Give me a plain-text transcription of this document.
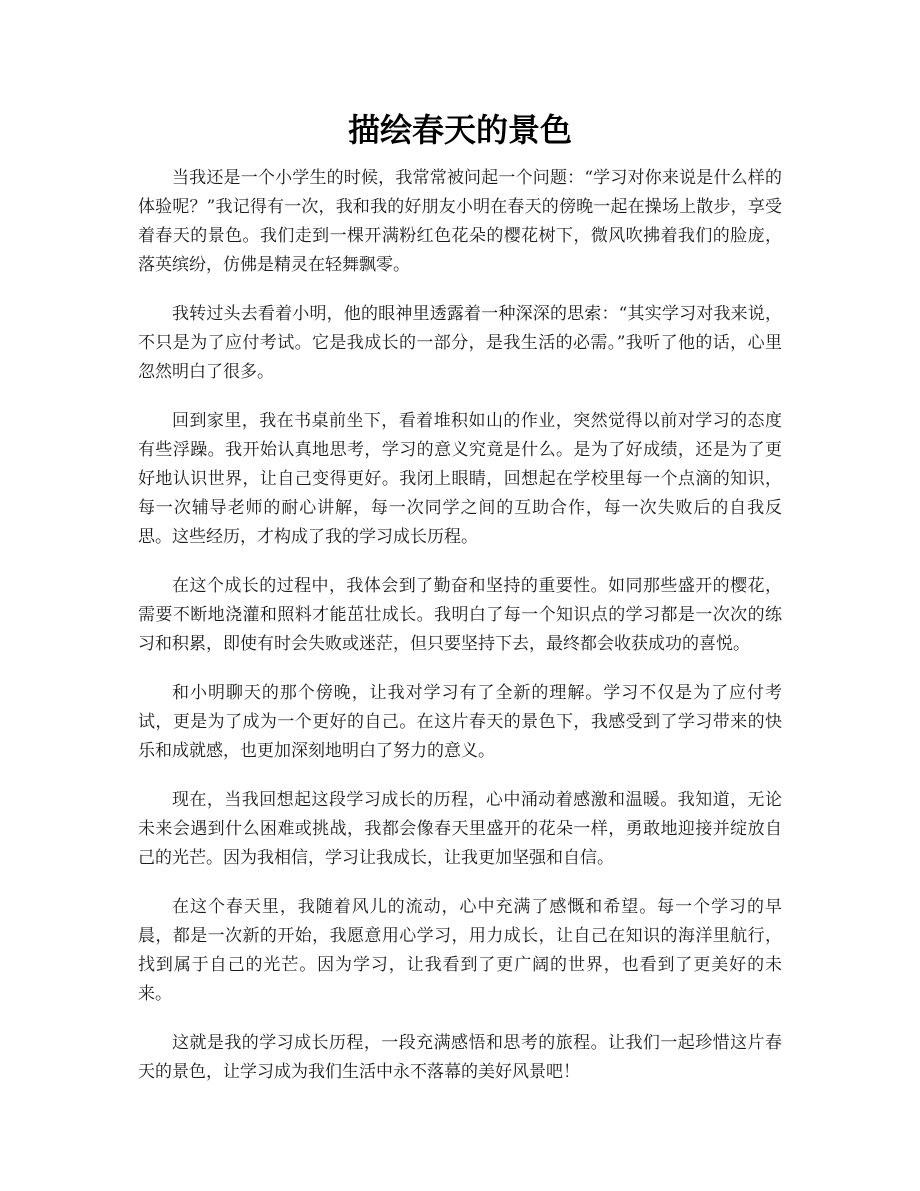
描绘春天的景色

当我还是一个小学生的时候，我常常被问起一个问题：“学习对你来说是什么样的体验呢？”我记得有一次，我和我的好朋友小明在春天的傍晚一起在操场上散步，享受着春天的景色。我们走到一棵开满粉红色花朵的樱花树下，微风吹拂着我们的脸庞，落英缤纷，仿佛是精灵在轻舞飘零。

我转过头去看着小明，他的眼神里透露着一种深深的思索：“其实学习对我来说，不只是为了应付考试。它是我成长的一部分，是我生活的必需。”我听了他的话，心里忽然明白了很多。

回到家里，我在书桌前坐下，看着堆积如山的作业，突然觉得以前对学习的态度有些浮躁。我开始认真地思考，学习的意义究竟是什么。是为了好成绩，还是为了更好地认识世界，让自己变得更好。我闭上眼睛，回想起在学校里每一个点滴的知识，每一次辅导老师的耐心讲解，每一次同学之间的互助合作，每一次失败后的自我反思。这些经历，才构成了我的学习成长历程。

在这个成长的过程中，我体会到了勤奋和坚持的重要性。如同那些盛开的樱花，需要不断地浇灌和照料才能茁壮成长。我明白了每一个知识点的学习都是一次次的练习和积累，即使有时会失败或迷茫，但只要坚持下去，最终都会收获成功的喜悦。

和小明聊天的那个傍晚，让我对学习有了全新的理解。学习不仅是为了应付考试，更是为了成为一个更好的自己。在这片春天的景色下，我感受到了学习带来的快乐和成就感，也更加深刻地明白了努力的意义。

现在，当我回想起这段学习成长的历程，心中涌动着感激和温暖。我知道，无论未来会遇到什么困难或挑战，我都会像春天里盛开的花朵一样，勇敢地迎接并绽放自己的光芒。因为我相信，学习让我成长，让我更加坚强和自信。

在这个春天里，我随着风儿的流动，心中充满了感慨和希望。每一个学习的早晨，都是一次新的开始，我愿意用心学习，用力成长，让自己在知识的海洋里航行，找到属于自己的光芒。因为学习，让我看到了更广阔的世界，也看到了更美好的未来。

这就是我的学习成长历程，一段充满感悟和思考的旅程。让我们一起珍惜这片春天的景色，让学习成为我们生活中永不落幕的美好风景吧！
